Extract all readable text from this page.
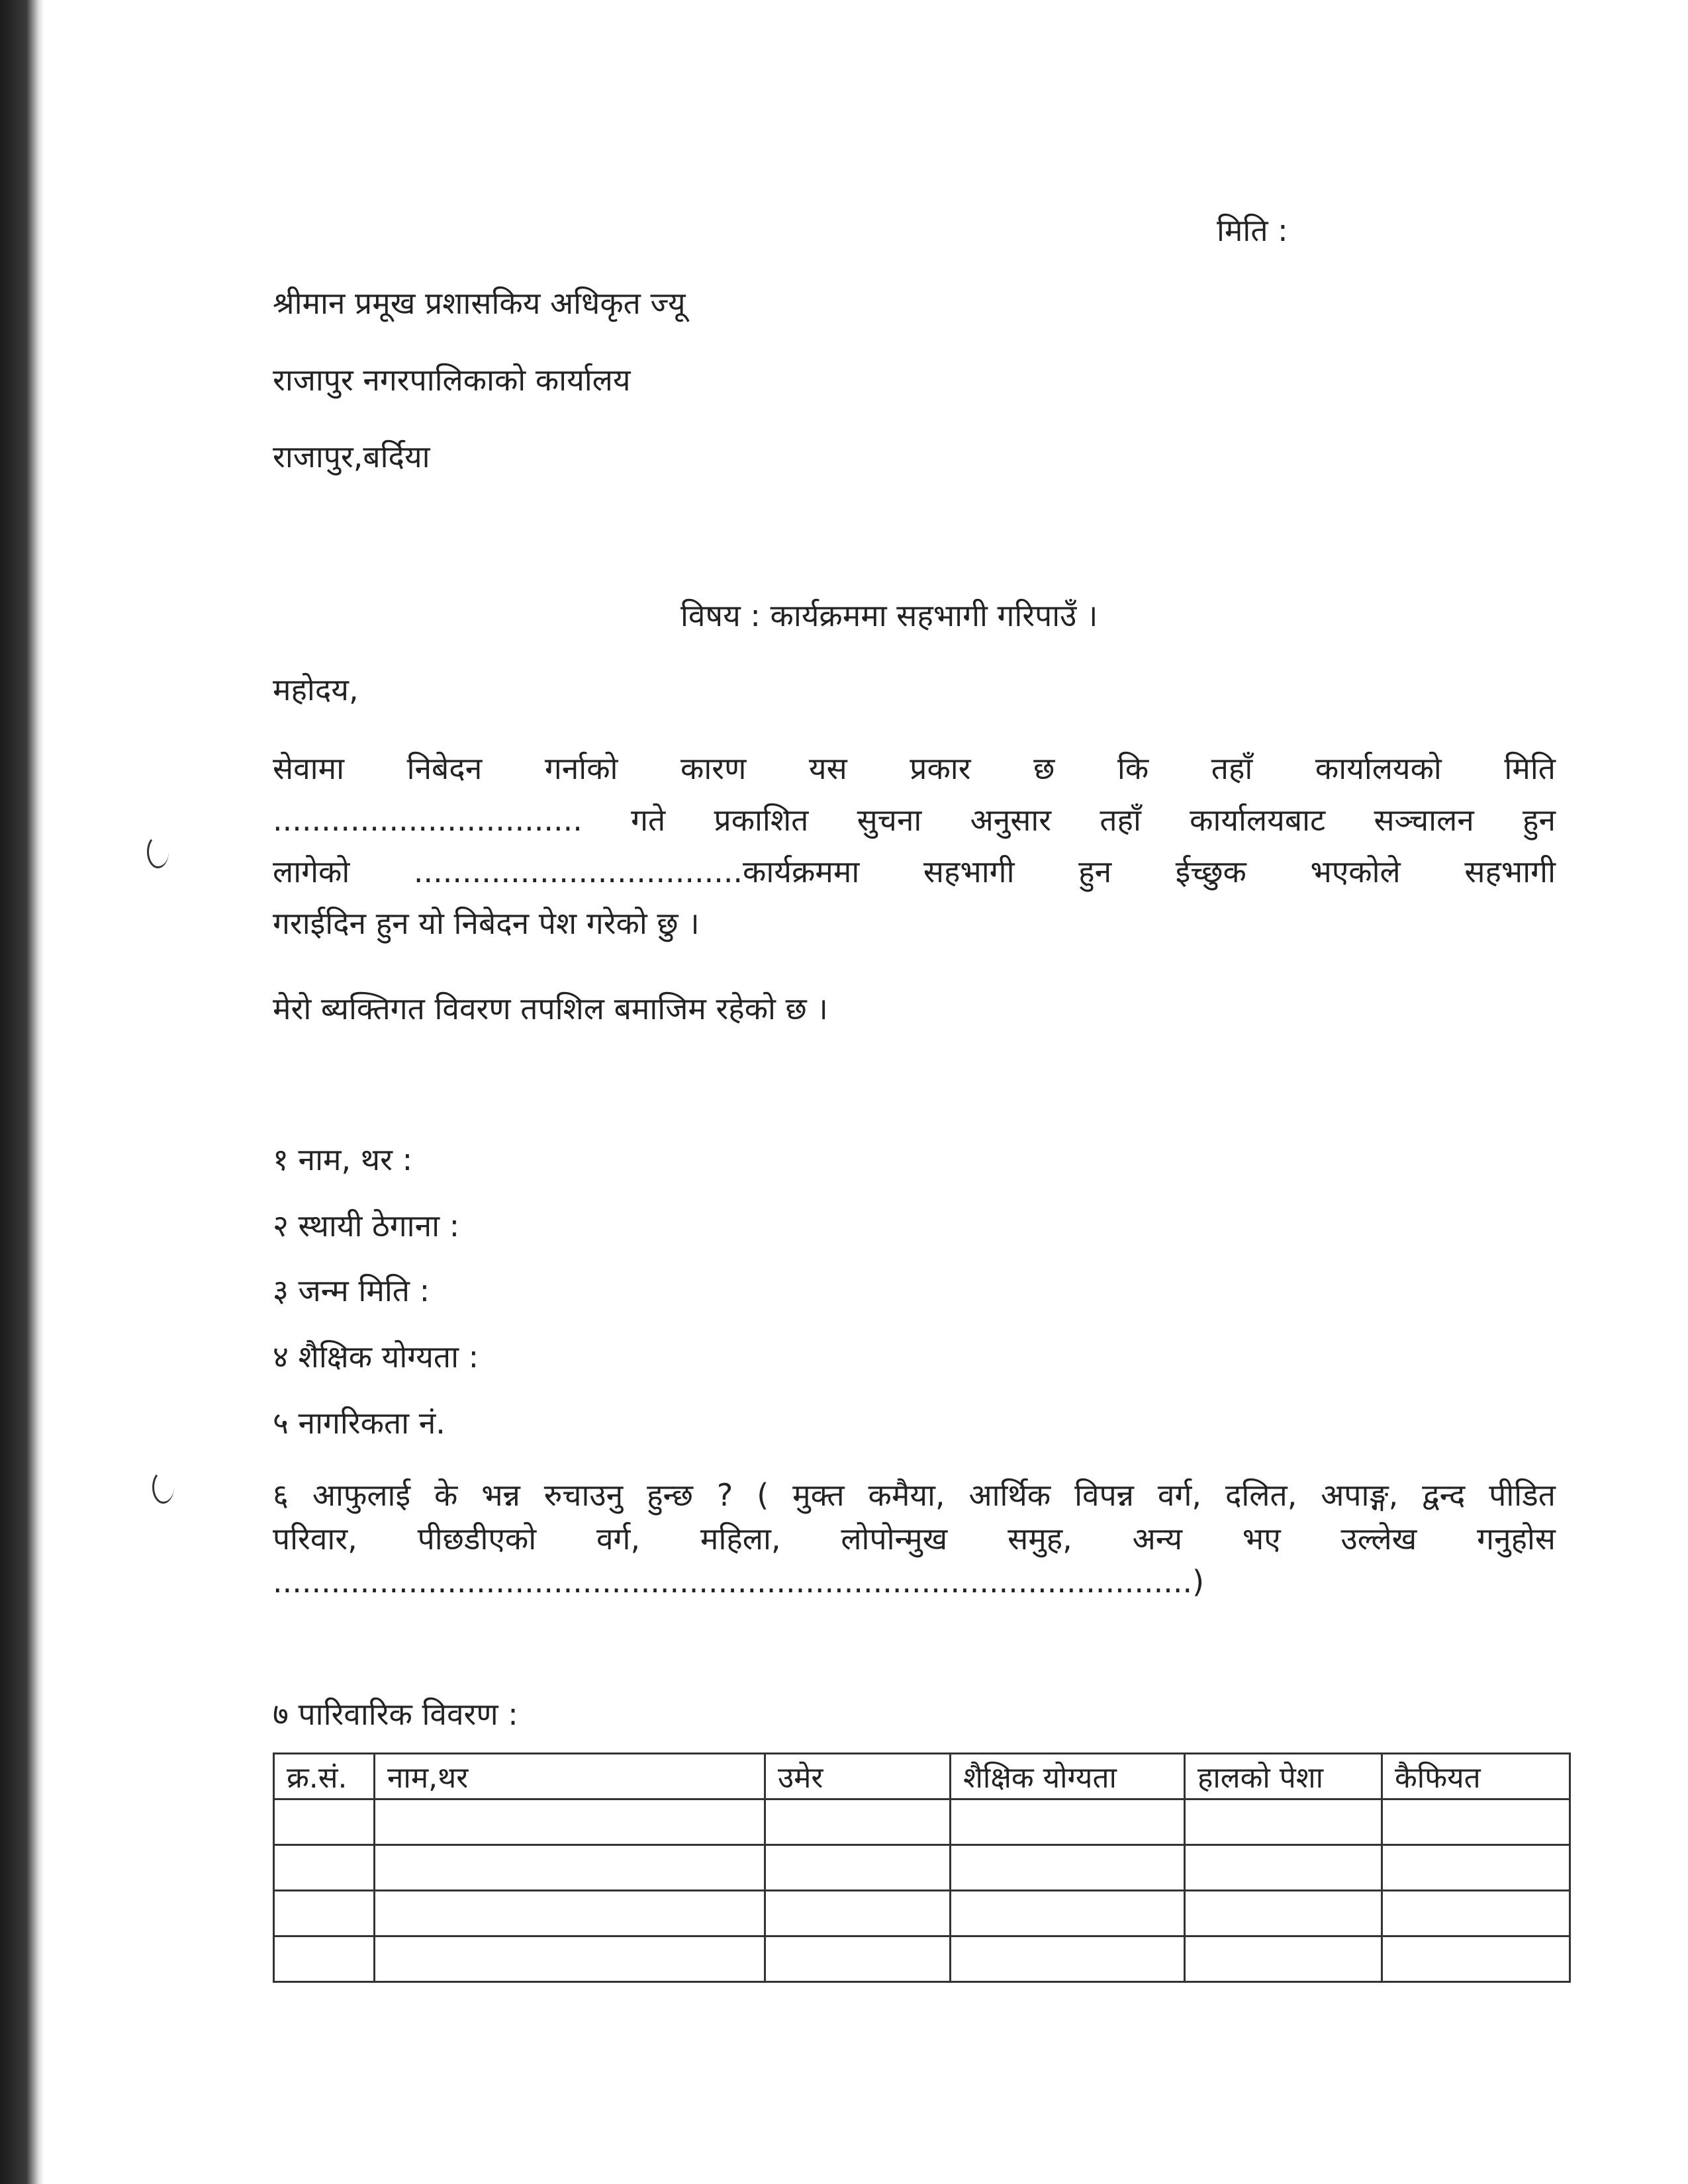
मिति :
श्रीमान प्रमूख प्रशासकिय अधिकृत ज्यू
राजापुर नगरपालिकाको कार्यालय
राजापुर,बर्दिया
विषय : कार्यक्रममा सहभागी गरिपाउँ ।
महोदय,
सेवामा निबेदन गर्नाको कारण यस प्रकार छ कि तहाँ कार्यालयको मिति
................................ गते प्रकाशित सुचना अनुसार तहाँ कार्यालयबाट सञ्चालन हुन
लागेको ..................................कार्यक्रममा सहभागी हुन ईच्छुक भएकोले सहभागी
गराईदिन हुन यो निबेदन पेश गरेको छु ।
मेरो ब्यक्तिगत विवरण तपशिल बमाजिम रहेको छ ।
१ नाम, थर :
२ स्थायी ठेगाना :
३ जन्म मिति :
४ शैक्षिक योग्यता :
५ नागरिकता नं.
६ आफुलाई के भन्न रुचाउनु हुन्छ ? ( मुक्त कमैया, आर्थिक विपन्न वर्ग, दलित, अपाङ्ग, द्वन्द पीडित
परिवार, पीछडीएको वर्ग, महिला, लोपोन्मुख समुह, अन्य भए उल्लेख गनुहोस
...............................................................................................)
७ पारिवारिक विवरण :
क्र.सं.	नाम,थर	उमेर	शैक्षिक योग्यता	हालको पेशा	कैफियत
